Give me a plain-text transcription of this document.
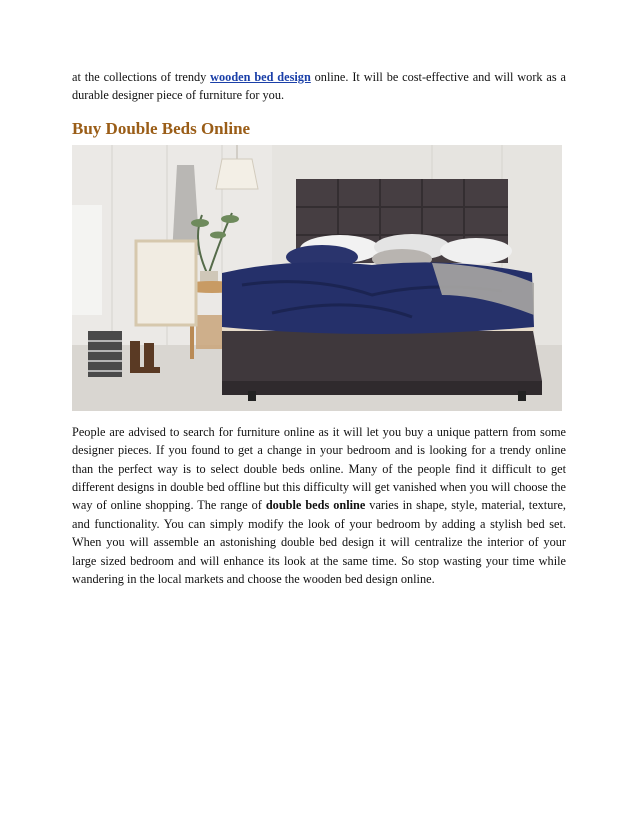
at the collections of trendy wooden bed design online. It will be cost-effective and will work as a durable designer piece of furniture for you.

Buy Double Beds Online

People are advised to search for furniture online as it will let you buy a unique pattern from some designer pieces. If you found to get a change in your bedroom and is looking for a trendy online than the perfect way is to select double beds online. Many of the people find it difficult to get different designs in double bed offline but this difficulty will get vanished when you will choose the way of online shopping. The range of double beds online varies in shape, style, material, texture, and functionality. You can simply modify the look of your bedroom by adding a stylish bed set. When you will assemble an astonishing double bed design it will centralize the interior of your large sized bedroom and will enhance its look at the same time. So stop wasting your time while wandering in the local markets and choose the wooden bed design online.
